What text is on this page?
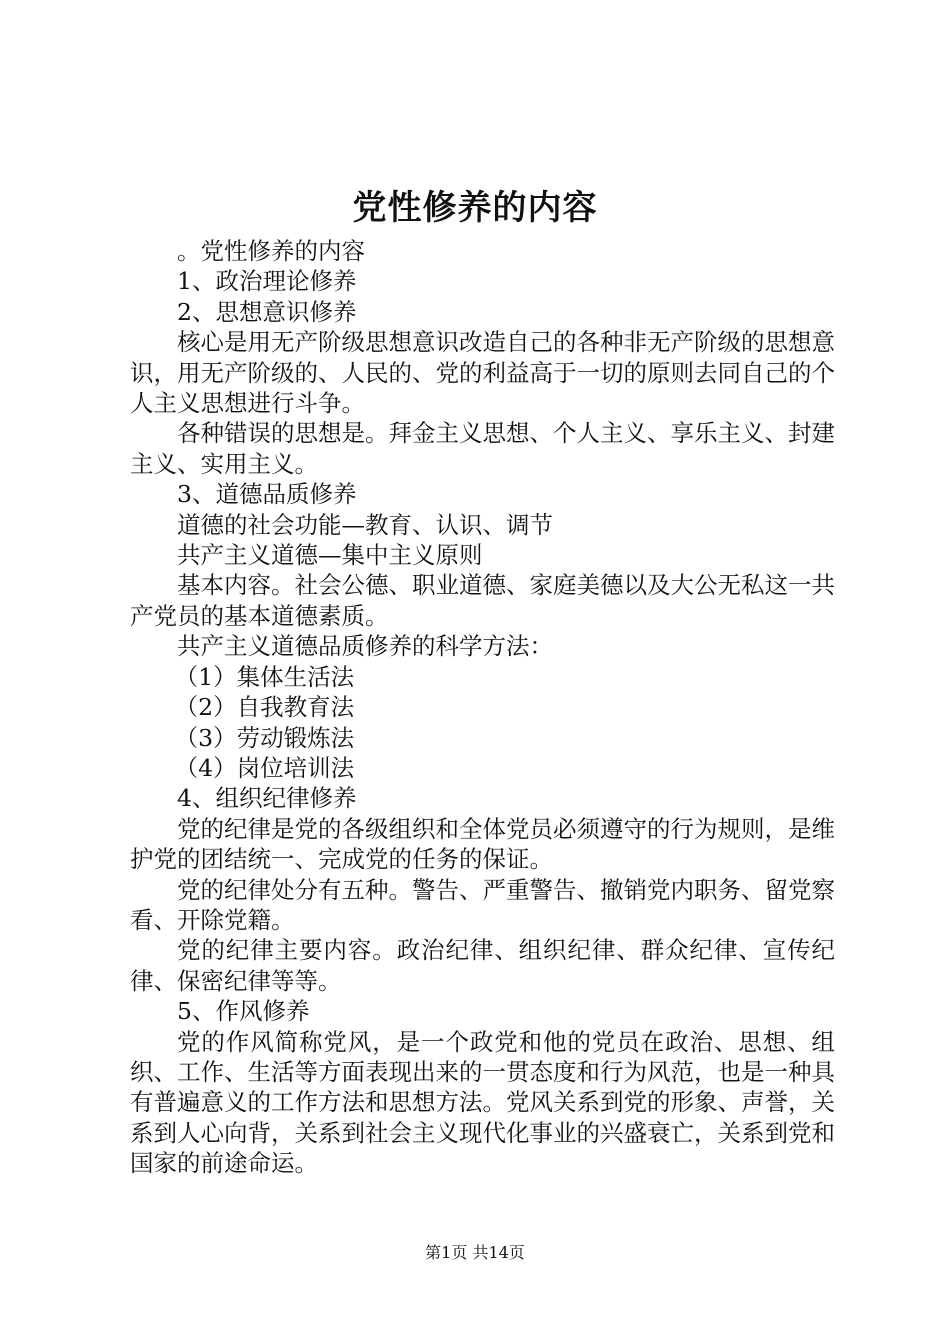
党性修养的内容

。党性修养的内容

1、政治理论修养

2、思想意识修养

核心是用无产阶级思想意识改造自己的各种非无产阶级的思想意识，用无产阶级的、人民的、党的利益高于一切的原则去同自己的个人主义思想进行斗争。

各种错误的思想是。拜金主义思想、个人主义、享乐主义、封建主义、实用主义。

3、道德品质修养

道德的社会功能—教育、认识、调节

共产主义道德—集中主义原则

基本内容。社会公德、职业道德、家庭美德以及大公无私这一共产党员的基本道德素质。

共产主义道德品质修养的科学方法：

（1）集体生活法

（2）自我教育法

（3）劳动锻炼法

（4）岗位培训法

4、组织纪律修养

党的纪律是党的各级组织和全体党员必须遵守的行为规则，是维护党的团结统一、完成党的任务的保证。

党的纪律处分有五种。警告、严重警告、撤销党内职务、留党察看、开除党籍。

党的纪律主要内容。政治纪律、组织纪律、群众纪律、宣传纪律、保密纪律等等。

5、作风修养

党的作风简称党风，是一个政党和他的党员在政治、思想、组织、工作、生活等方面表现出来的一贯态度和行为风范，也是一种具有普遍意义的工作方法和思想方法。党风关系到党的形象、声誉，关系到人心向背，关系到社会主义现代化事业的兴盛衰亡，关系到党和国家的前途命运。

第1页 共14页
